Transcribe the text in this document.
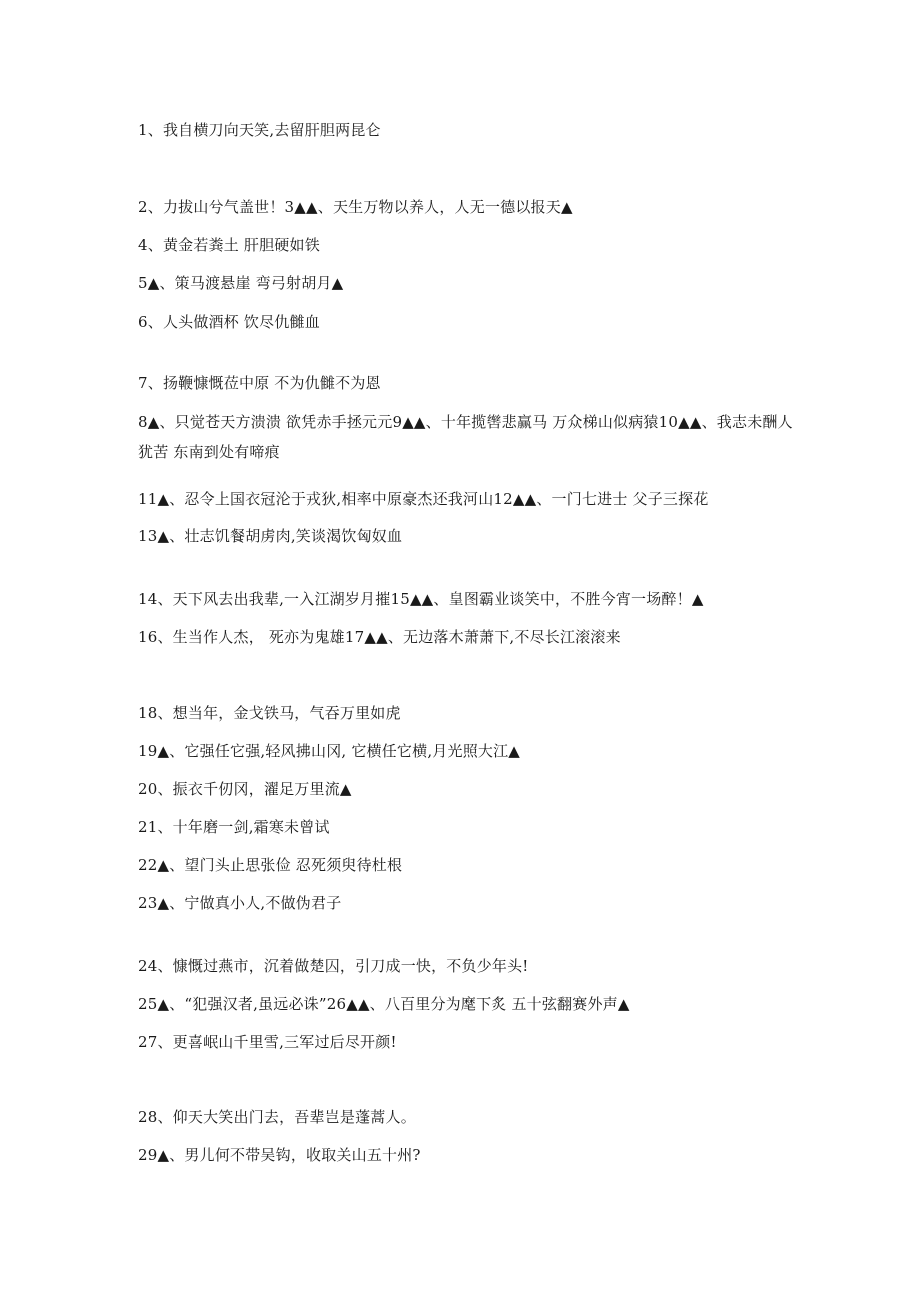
1、我自横刀向天笑,去留肝胆两昆仑
2、力拔山兮气盖世！3▲▲、天生万物以养人，人无一德以报天▲
4、黄金若粪土 肝胆硬如铁
5▲、策马渡悬崖 弯弓射胡月▲
6、人头做酒杯 饮尽仇雠血
7、扬鞭慷慨莅中原 不为仇雠不为恩
8▲、只觉苍天方溃溃 欲凭赤手拯元元9▲▲、十年揽辔悲赢马 万众梯山似病猿10▲▲、我志未酬人犹苦 东南到处有啼痕
11▲、忍令上国衣冠沦于戎狄,相率中原豪杰还我河山12▲▲、一门七进士 父子三探花
13▲、壮志饥餐胡虏肉,笑谈渴饮匈奴血
14、天下风去出我辈,一入江湖岁月摧15▲▲、皇图霸业谈笑中，不胜今宵一场醉！▲
16、生当作人杰， 死亦为鬼雄17▲▲、无边落木萧萧下,不尽长江滚滚来
18、想当年，金戈铁马，气吞万里如虎
19▲、它强任它强,轻风拂山冈, 它横任它横,月光照大江▲
20、振衣千仞冈，濯足万里流▲
21、十年磨一剑,霜寒未曾试
22▲、望门头止思张俭 忍死须臾待杜根
23▲、宁做真小人,不做伪君子
24、慷慨过燕市，沉着做楚囚，引刀成一快，不负少年头!
25▲、“犯强汉者,虽远必诛”26▲▲、八百里分为麾下炙 五十弦翻赛外声▲
27、更喜岷山千里雪,三军过后尽开颜!
28、仰天大笑出门去，吾辈岂是蓬蒿人。
29▲、男儿何不带吴钩，收取关山五十州?
